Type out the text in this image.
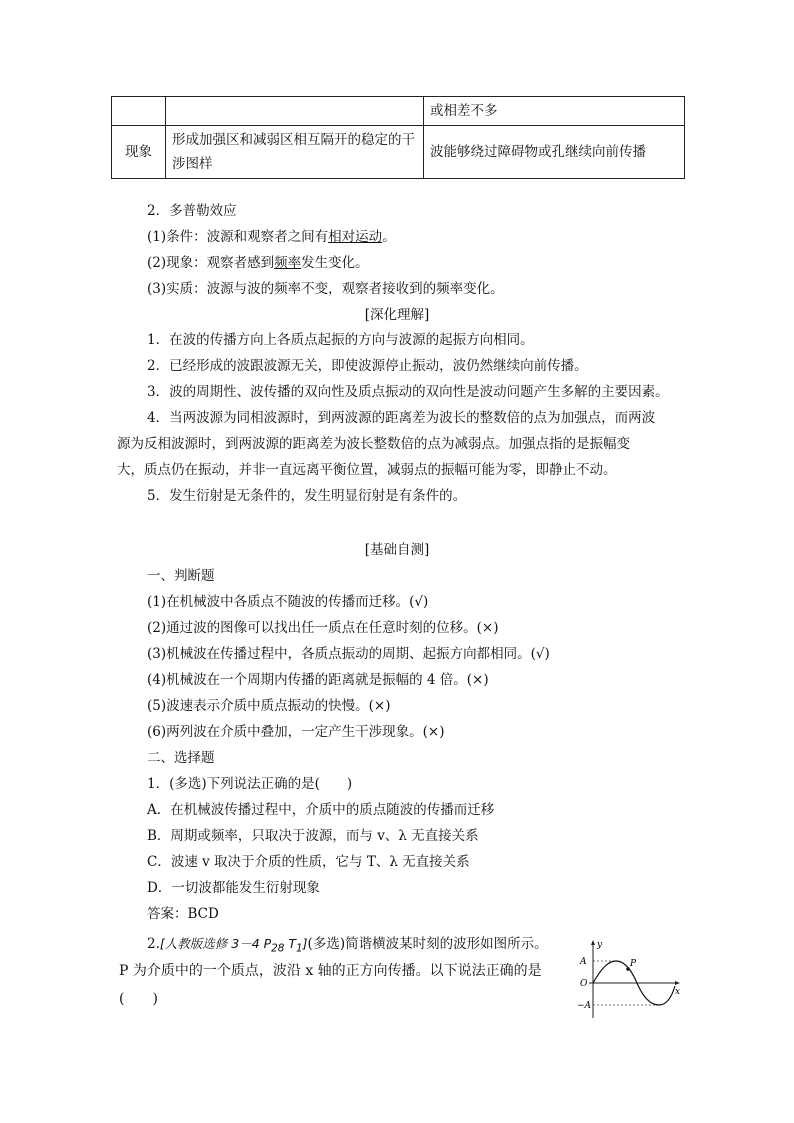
		或相差不多
现象	形成加强区和减弱区相互隔开的稳定的干涉图样	波能够绕过障碍物或孔继续向前传播
2．多普勒效应
(1)条件：波源和观察者之间有相对运动。
(2)现象：观察者感到频率发生变化。
(3)实质：波源与波的频率不变，观察者接收到的频率变化。
[深化理解]
1．在波的传播方向上各质点起振的方向与波源的起振方向相同。
2．已经形成的波跟波源无关，即使波源停止振动，波仍然继续向前传播。
3．波的周期性、波传播的双向性及质点振动的双向性是波动问题产生多解的主要因素。
4．当两波源为同相波源时，到两波源的距离差为波长的整数倍的点为加强点，而两波
源为反相波源时，到两波源的距离差为波长整数倍的点为减弱点。加强点指的是振幅变
大，质点仍在振动，并非一直远离平衡位置，减弱点的振幅可能为零，即静止不动。
5．发生衍射是无条件的，发生明显衍射是有条件的。
[基础自测]
一、判断题
(1)在机械波中各质点不随波的传播而迁移。(√)
(2)通过波的图像可以找出任一质点在任意时刻的位移。(×)
(3)机械波在传播过程中，各质点振动的周期、起振方向都相同。(√)
(4)机械波在一个周期内传播的距离就是振幅的 4 倍。(×)
(5)波速表示介质中质点振动的快慢。(×)
(6)两列波在介质中叠加，一定产生干涉现象。(×)
二、选择题
1．(多选)下列说法正确的是(　　)
A．在机械波传播过程中，介质中的质点随波的传播而迁移
B．周期或频率，只取决于波源，而与 v、λ 无直接关系
C．波速 v 取决于介质的性质，它与 T、λ 无直接关系
D．一切波都能发生衍射现象
答案：BCD
2.[人教版选修 3－4 $P_{28}$ $T_1$](多选)简谐横波某时刻的波形如图所示。
P 为介质中的一个质点，波沿 x 轴的正方向传播。以下说法正确的是
(　　)
P
y
x
A
O
−A
